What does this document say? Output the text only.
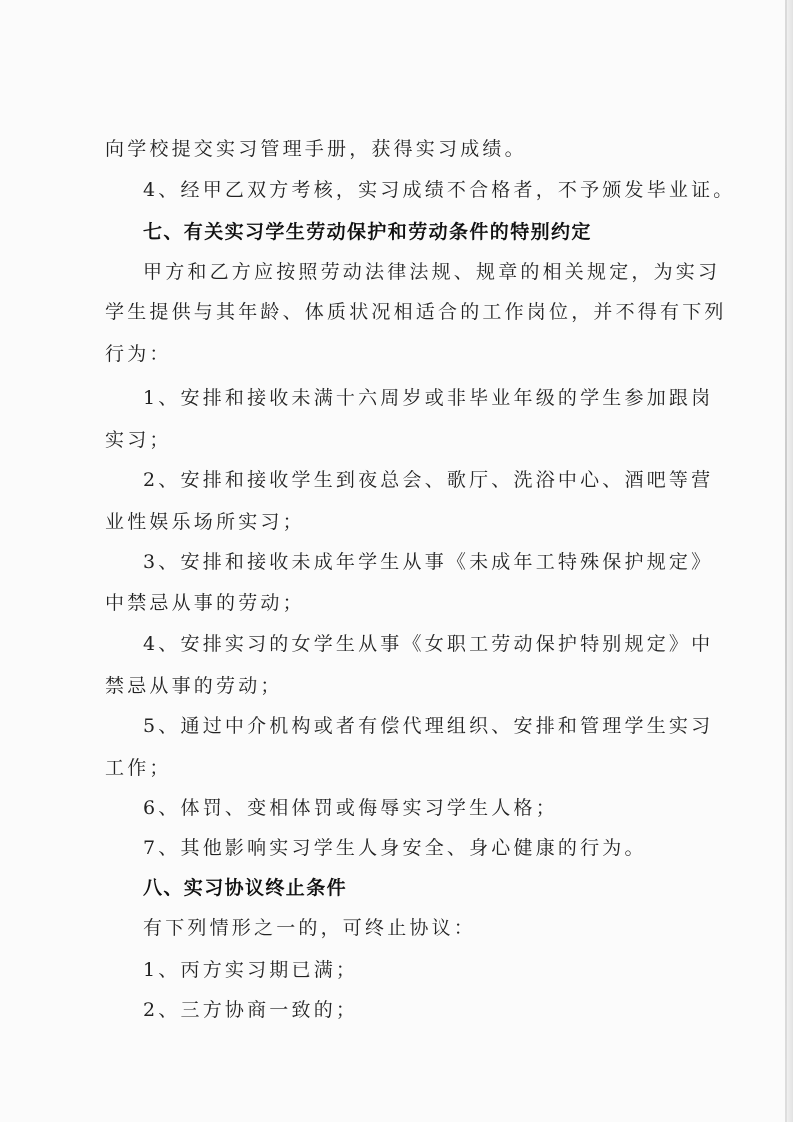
向学校提交实习管理手册，获得实习成绩。
4、经甲乙双方考核，实习成绩不合格者，不予颁发毕业证。
七、有关实习学生劳动保护和劳动条件的特别约定
甲方和乙方应按照劳动法律法规、规章的相关规定，为实习
学生提供与其年龄、体质状况相适合的工作岗位，并不得有下列
行为：
1、安排和接收未满十六周岁或非毕业年级的学生参加跟岗
实习；
2、安排和接收学生到夜总会、歌厅、洗浴中心、酒吧等营
业性娱乐场所实习；
3、安排和接收未成年学生从事《未成年工特殊保护规定》
中禁忌从事的劳动；
4、安排实习的女学生从事《女职工劳动保护特别规定》中
禁忌从事的劳动；
5、通过中介机构或者有偿代理组织、安排和管理学生实习
工作；
6、体罚、变相体罚或侮辱实习学生人格；
7、其他影响实习学生人身安全、身心健康的行为。
八、实习协议终止条件
有下列情形之一的，可终止协议：
1、丙方实习期已满；
2、三方协商一致的；
